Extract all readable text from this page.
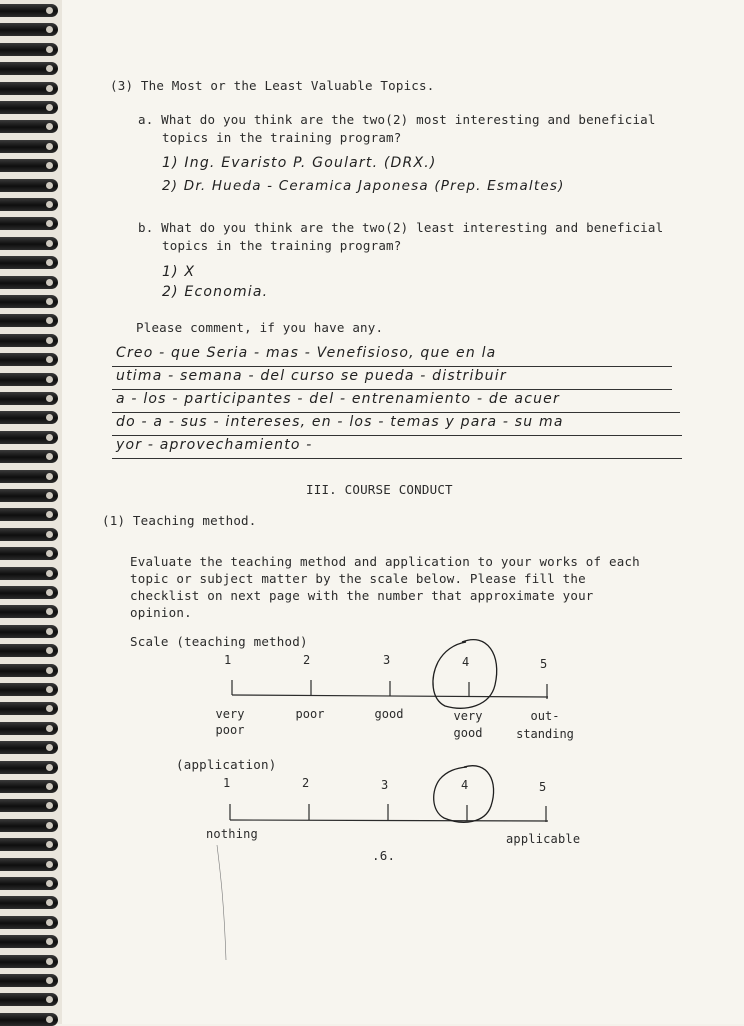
(3) The Most or the Least Valuable Topics.
a. What do you think are the two(2) most interesting and beneficial
topics in the training program?
1) Ing. Evaristo P. Goulart. (DRX.)
2) Dr. Hueda - Ceramica Japonesa (Prep. Esmaltes)
b. What do you think are the two(2) least interesting and beneficial
topics in the training program?
1) X
2) Economia.
Please comment, if you have any.
Creo - que Seria - mas - Venefisioso, que en la
utima - semana - del curso se pueda - distribuir
a - los - participantes - del - entrenamiento - de acuer
do - a - sus - intereses, en - los - temas y para - su ma
yor - aprovechamiento -
III. COURSE CONDUCT
(1) Teaching method.
Evaluate the teaching method and application to your works of each
topic or subject matter by the scale below. Please fill the
checklist on next page with the number that approximate your
opinion.
Scale (teaching method)
1	2	3	4	5
very
poor
poor	good	very
good
out-
standing
(application)
1	2	3	4	5
nothing	applicable
.6.
